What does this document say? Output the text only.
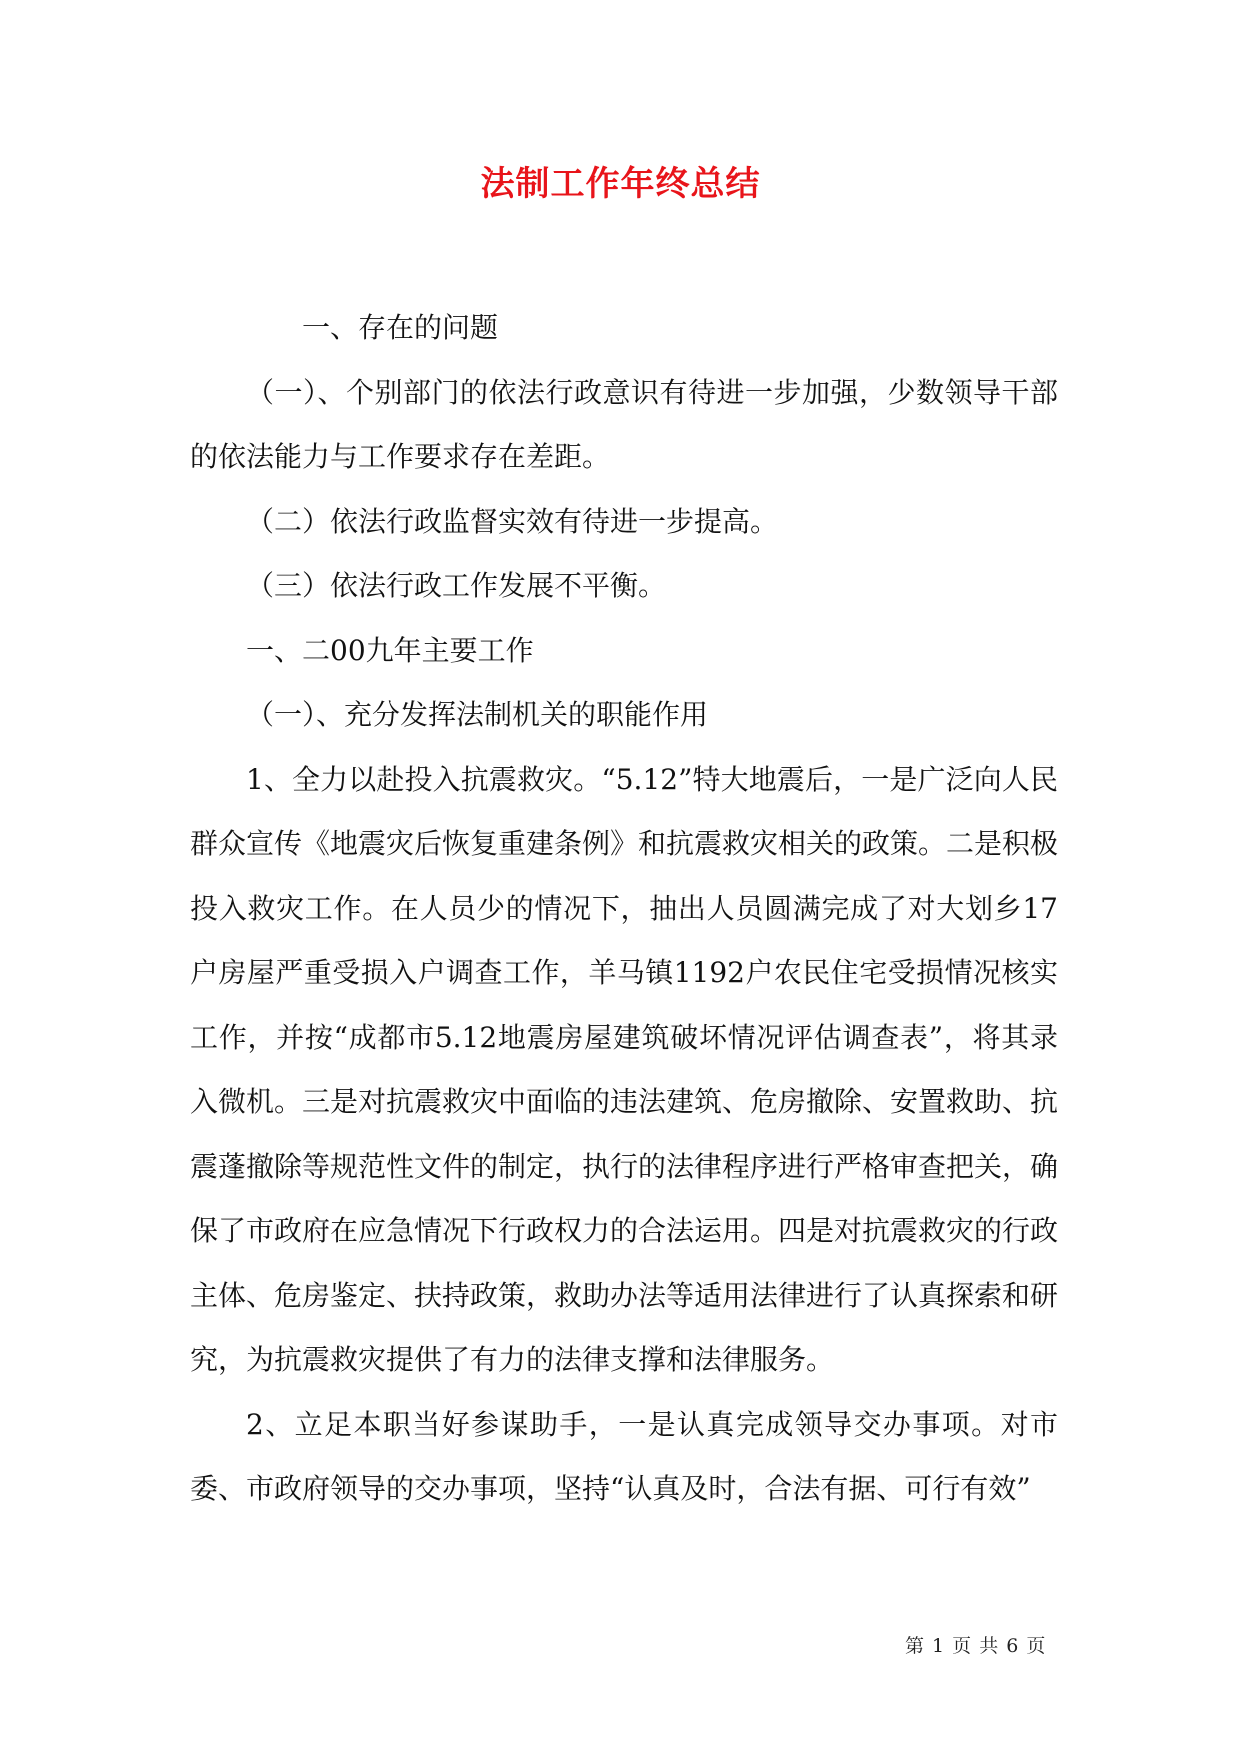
法制工作年终总结

一、存在的问题

（一）、个别部门的依法行政意识有待进一步加强，少数领导干部的依法能力与工作要求存在差距。

（二）依法行政监督实效有待进一步提高。

（三）依法行政工作发展不平衡。

一、二00九年主要工作

（一）、充分发挥法制机关的职能作用

1、全力以赴投入抗震救灾。“5.12”特大地震后，一是广泛向人民群众宣传《地震灾后恢复重建条例》和抗震救灾相关的政策。二是积极投入救灾工作。在人员少的情况下，抽出人员圆满完成了对大划乡17户房屋严重受损入户调查工作，羊马镇1192户农民住宅受损情况核实工作，并按“成都市5.12地震房屋建筑破坏情况评估调查表”，将其录入微机。三是对抗震救灾中面临的违法建筑、危房撤除、安置救助、抗震蓬撤除等规范性文件的制定，执行的法律程序进行严格审查把关，确保了市政府在应急情况下行政权力的合法运用。四是对抗震救灾的行政主体、危房鉴定、扶持政策，救助办法等适用法律进行了认真探索和研究，为抗震救灾提供了有力的法律支撑和法律服务。

2、立足本职当好参谋助手，一是认真完成领导交办事项。对市委、市政府领导的交办事项，坚持“认真及时，合法有据、可行有效”

第 1 页 共 6 页
